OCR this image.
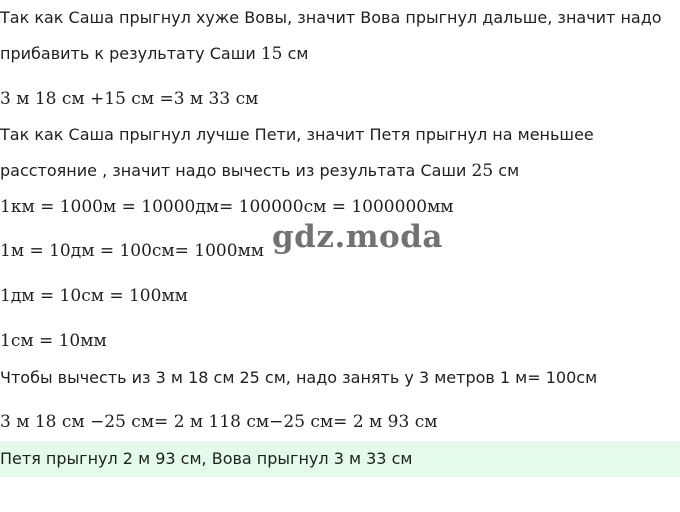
Так как Саша прыгнул хуже Вовы, значит Вова прыгнул дальше, значит надо
прибавить к результату Саши 15 см
3 м 18 см +15 см =3 м 33 см
Так как Саша прыгнул лучше Пети, значит Петя прыгнул на меньшее
расстояние , значит надо вычесть из результата Саши 25 см
1км = 1000м = 10000дм= 100000см = 1000000мм
1м = 10дм = 100см= 1000мм
1дм = 10см = 100мм
1см = 10мм
Чтобы вычесть из 3 м 18 см 25 см, надо занять у 3 метров 1 м= 100см
3 м 18 см −25 см= 2 м 118 см−25 см= 2 м 93 см
Петя прыгнул 2 м 93 см, Вова прыгнул 3 м 33 см
gdz.moda
